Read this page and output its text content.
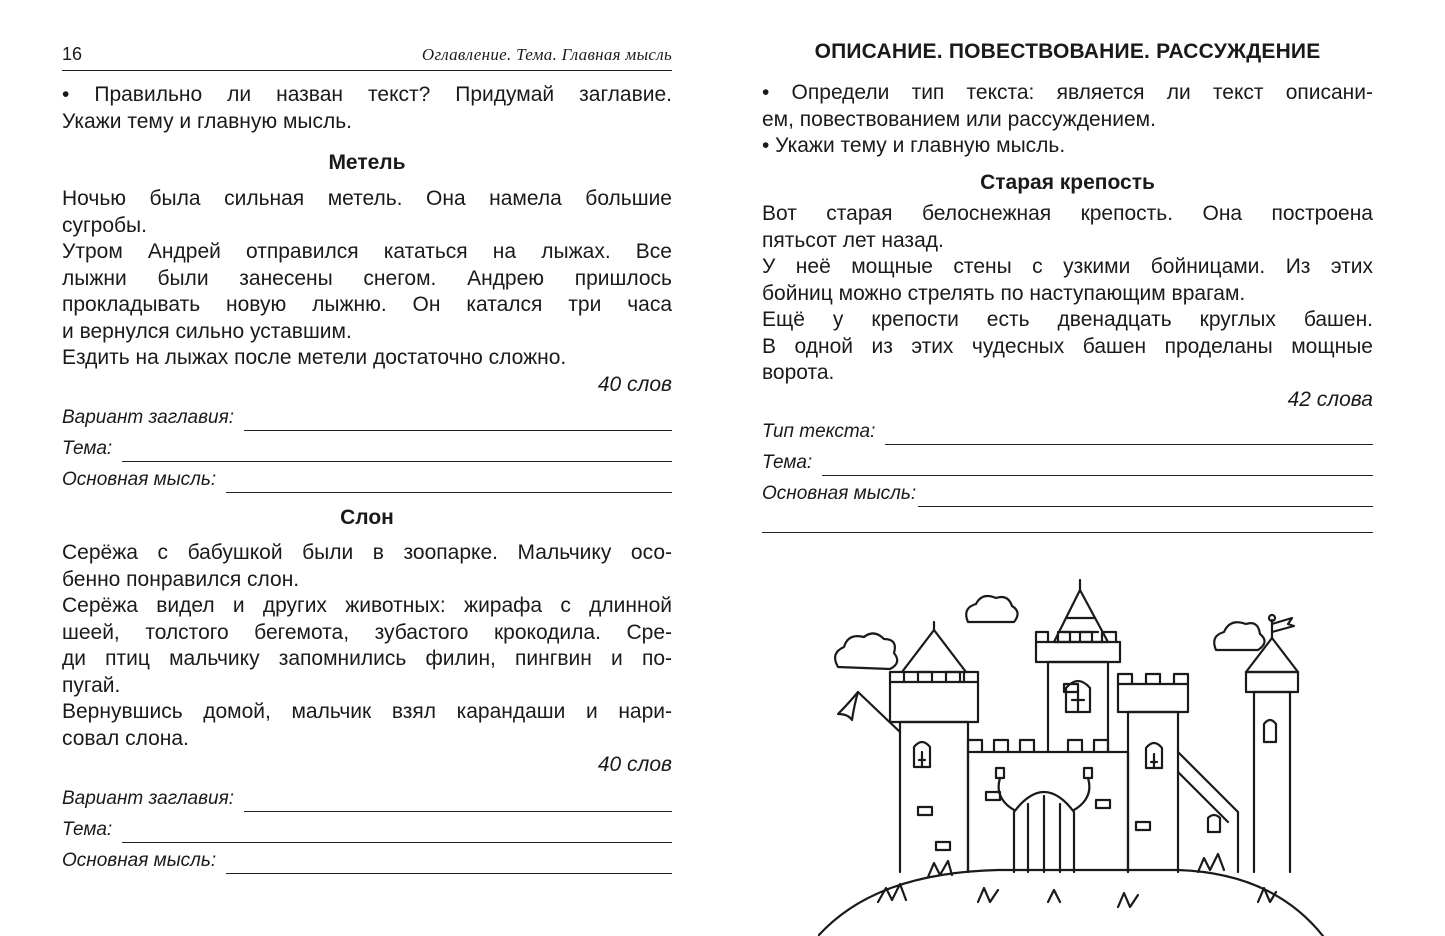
16	Оглавление. Тема. Главная мысль
• Правильно ли назван текст? Придумай заглавие.
Укажи тему и главную мысль.
Метель
Ночью была сильная метель. Она намела большие
сугробы.
Утром Андрей отправился кататься на лыжах. Все
лыжни были занесены снегом. Андрею пришлось
прокладывать новую лыжню. Он катался три часа
и вернулся сильно уставшим.
Ездить на лыжах после метели достаточно сложно.
40 слов
Вариант заглавия:
Тема:
Основная мысль:
Слон
Серёжа с бабушкой были в зоопарке. Мальчику осо-
бенно понравился слон.
Серёжа видел и других животных: жирафа с длинной
шеей, толстого бегемота, зубастого крокодила. Сре-
ди птиц мальчику запомнились филин, пингвин и по-
пугай.
Вернувшись домой, мальчик взял карандаши и нари-
совал слона.
40 слов
Вариант заглавия:
Тема:
Основная мысль:
ОПИСАНИЕ. ПОВЕСТВОВАНИЕ. РАССУЖДЕНИЕ
• Определи тип текста: является ли текст описани-
ем, повествованием или рассуждением.
• Укажи тему и главную мысль.
Старая крепость
Вот старая белоснежная крепость. Она построена
пятьсот лет назад.
У неё мощные стены с узкими бойницами. Из этих
бойниц можно стрелять по наступающим врагам.
Ещё у крепости есть двенадцать круглых башен.
В одной из этих чудесных башен проделаны мощные
ворота.
42 слова
Тип текста:
Тема:
Основная мысль:
